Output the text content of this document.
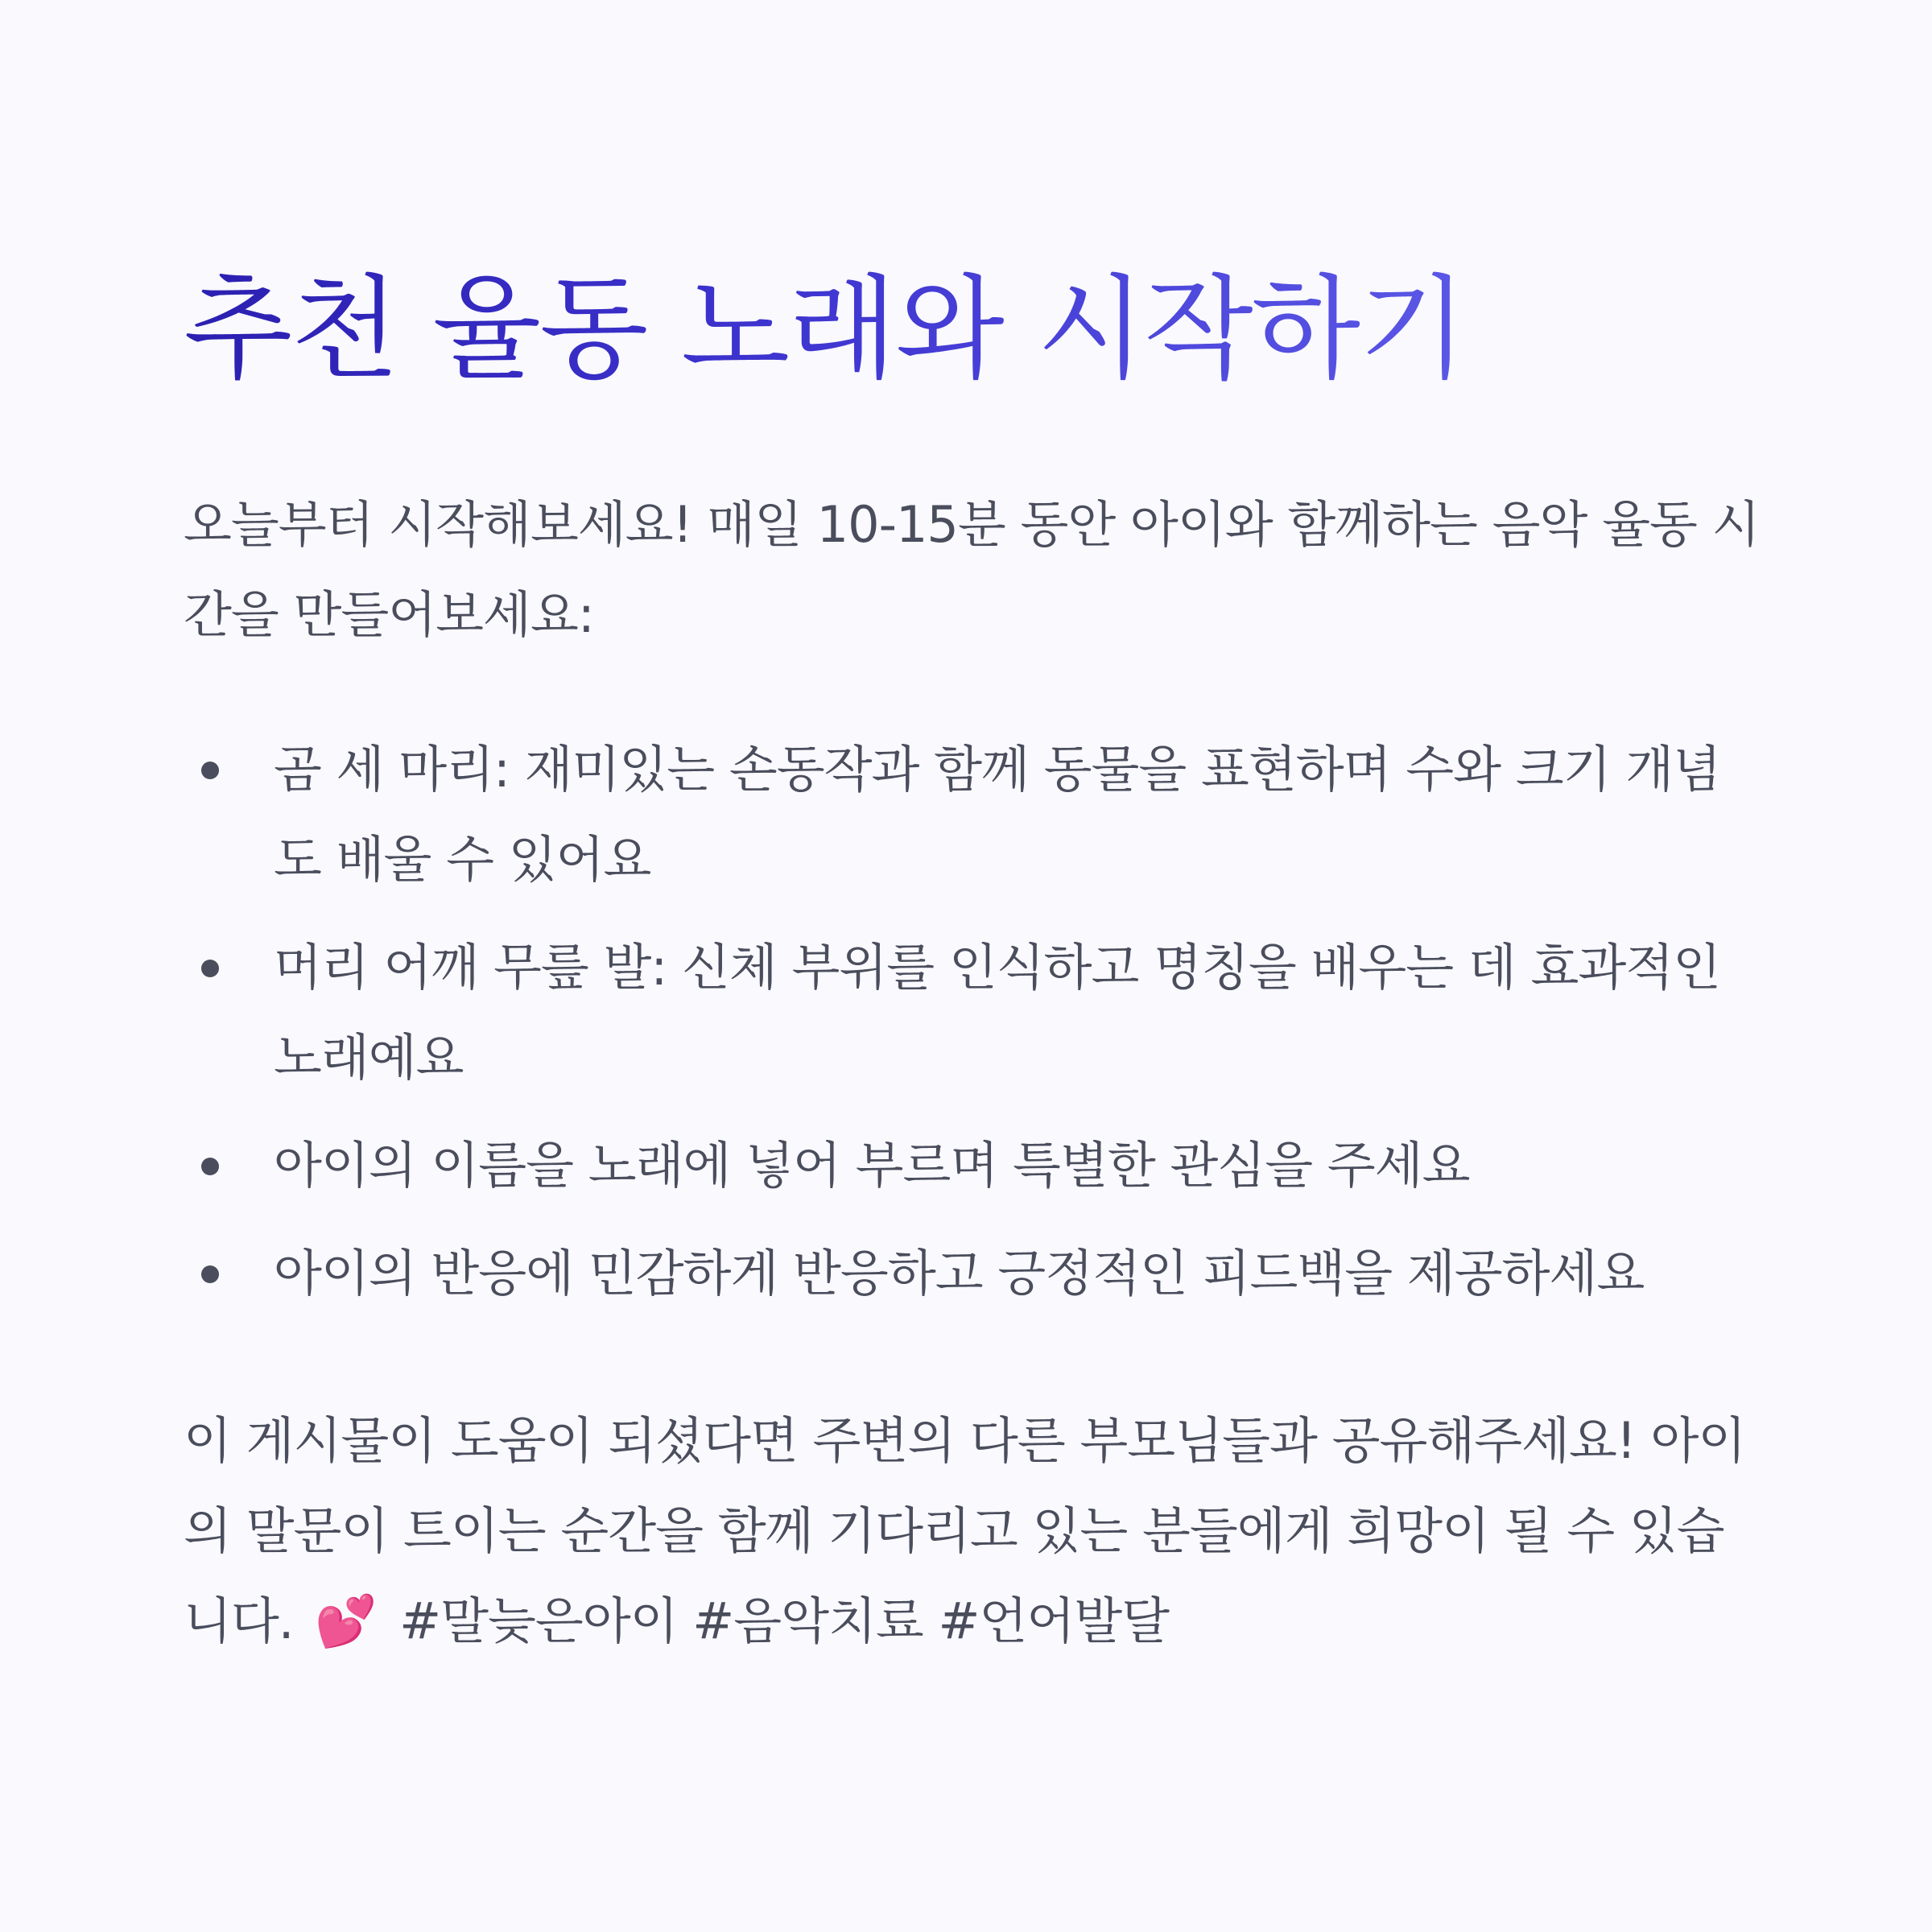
추천 율동 노래와 시작하기

오늘부터 시작해보세요! 매일 10-15분 동안 아이와 함께하는 음악 율동 시간을 만들어보세요:

곰 세 마리: 재미있는 손동작과 함께 동물을 표현하며 수와 크기 개념도 배울 수 있어요
머리 어깨 무릎 발: 신체 부위를 인식하고 명칭을 배우는 데 효과적인 노래예요
아이의 이름을 노래에 넣어 부르며 특별한 관심을 주세요
아이의 반응에 민감하게 반응하고 긍정적인 피드백을 제공하세요

이 게시물이 도움이 되셨다면 주변의 다른 부모님들과 공유해주세요! 아이의 말문이 트이는 순간을 함께 기다리고 있는 분들에게 희망이 될 수 있습니다. 💕 #말늦은아이 #음악치료 #언어발달
